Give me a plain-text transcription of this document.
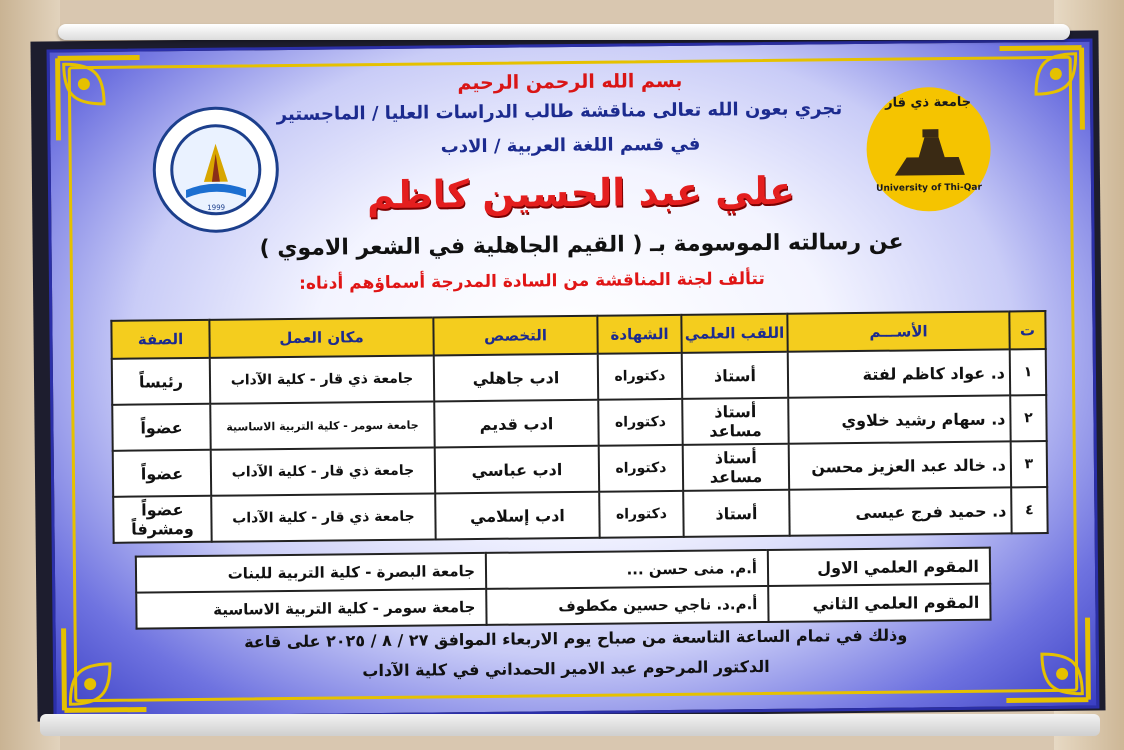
1999
جامعة ذي قار
University of Thi-Qar
بسم الله الرحمن الرحيم
تجري بعون الله تعالى مناقشة طالب الدراسات العليا / الماجستير
في قسم اللغة العربية / الادب
علي عبد الحسين كاظم
عن رسالته الموسومة بـ ( القيم الجاهلية في الشعر الاموي )
تتألف لجنة المناقشة من السادة المدرجة أسماؤهم أدناه:
ت	الأســـم	اللقب العلمي	الشهادة	التخصص	مكان العمل	الصفة
١	د. عواد كاظم لفتة	أستاذ	دكتوراه	ادب جاهلي	جامعة ذي قار - كلية الآداب	رئيساً
٢	د. سهام رشيد خلاوي	أستاذ مساعد	دكتوراه	ادب قديم	جامعة سومر - كلية التربية الاساسية	عضواً
٣	د. خالد عبد العزيز محسن	أستاذ مساعد	دكتوراه	ادب عباسي	جامعة ذي قار - كلية الآداب	عضواً
٤	د. حميد فرج عيسى	أستاذ	دكتوراه	ادب إسلامي	جامعة ذي قار - كلية الآداب	عضواً ومشرفاً
المقوم العلمي الاول	أ.م. منى حسن ...	جامعة البصرة - كلية التربية للبنات
المقوم العلمي الثاني	أ.م.د. ناجي حسين مكطوف	جامعة سومر - كلية التربية الاساسية
وذلك في تمام الساعة التاسعة من صباح يوم الاربعاء الموافق ٢٧ / ٨ / ٢٠٢٥ على قاعة
الدكتور المرحوم عبد الامير الحمداني في كلية الآداب
